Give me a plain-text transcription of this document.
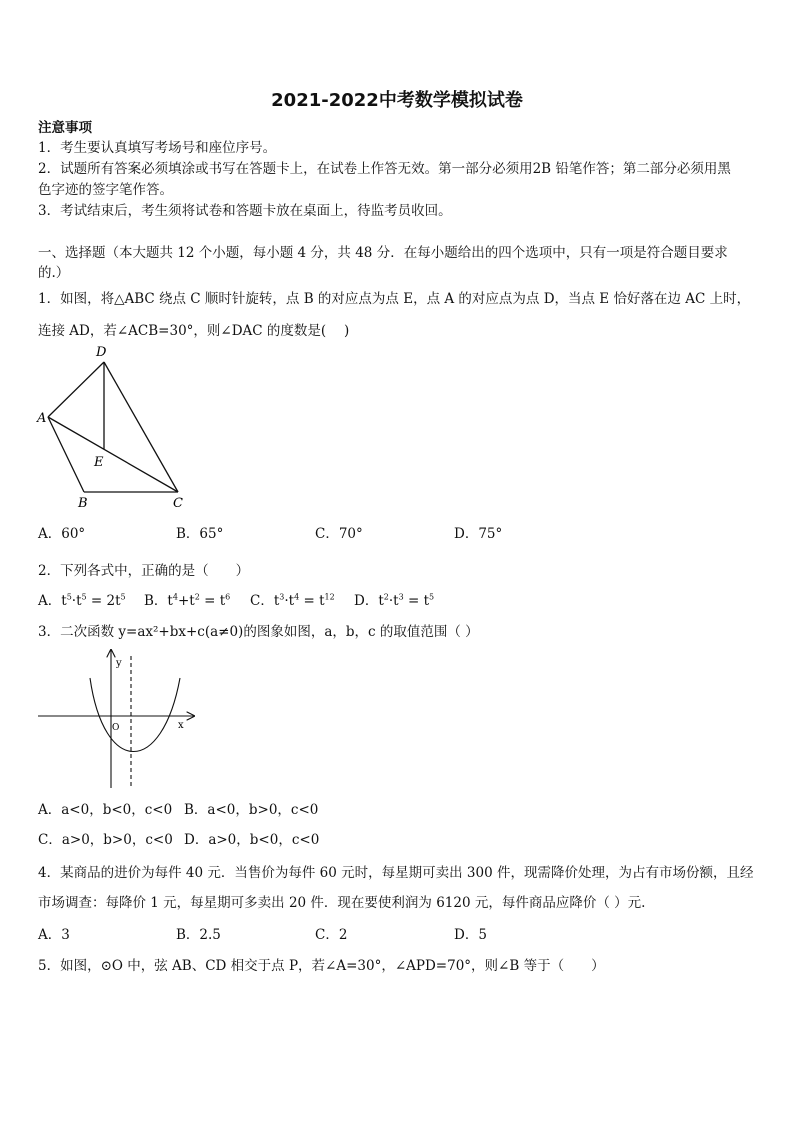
2021-2022中考数学模拟试卷
注意事项
1．考生要认真填写考场号和座位序号。
2．试题所有答案必须填涂或书写在答题卡上，在试卷上作答无效。第一部分必须用2B 铅笔作答；第二部分必须用黑
色字迹的签字笔作答。
3．考试结束后，考生须将试卷和答题卡放在桌面上，待监考员收回。
一、选择题（本大题共 12 个小题，每小题 4 分，共 48 分．在每小题给出的四个选项中，只有一项是符合题目要求
的.）
1．如图，将△ABC 绕点 C 顺时针旋转，点 B 的对应点为点 E，点 A 的对应点为点 D，当点 E 恰好落在边 AC 上时，
连接 AD，若∠ACB=30°，则∠DAC 的度数是(　 )
D
A
E
B	C
A．60°	B．65°	C．70°	D．75°
2．下列各式中，正确的是（　　）
A．$t^5\cdot t^5 = 2t^5$ B．$t^4+t^2 = t^6$ C．$t^3\cdot t^4 = t^{12}$ D．$t^2\cdot t^3 = t^5$
3．二次函数 y=ax²+bx+c(a≠0)的图象如图，a，b，c 的取值范围（ ）
y
x
O
A．a<0，b<0，c<0 B．a<0，b>0，c<0
C．a>0，b>0，c<0 D．a>0，b<0，c<0
4．某商品的进价为每件 40 元．当售价为每件 60 元时，每星期可卖出 300 件，现需降价处理，为占有市场份额，且经
市场调查：每降价 1 元，每星期可多卖出 20 件．现在要使利润为 6120 元，每件商品应降价（ ）元.
A．3	B．2.5	C．2	D．5
5．如图，⊙O 中，弦 AB、CD 相交于点 P，若∠A=30°，∠APD=70°，则∠B 等于（　　）
